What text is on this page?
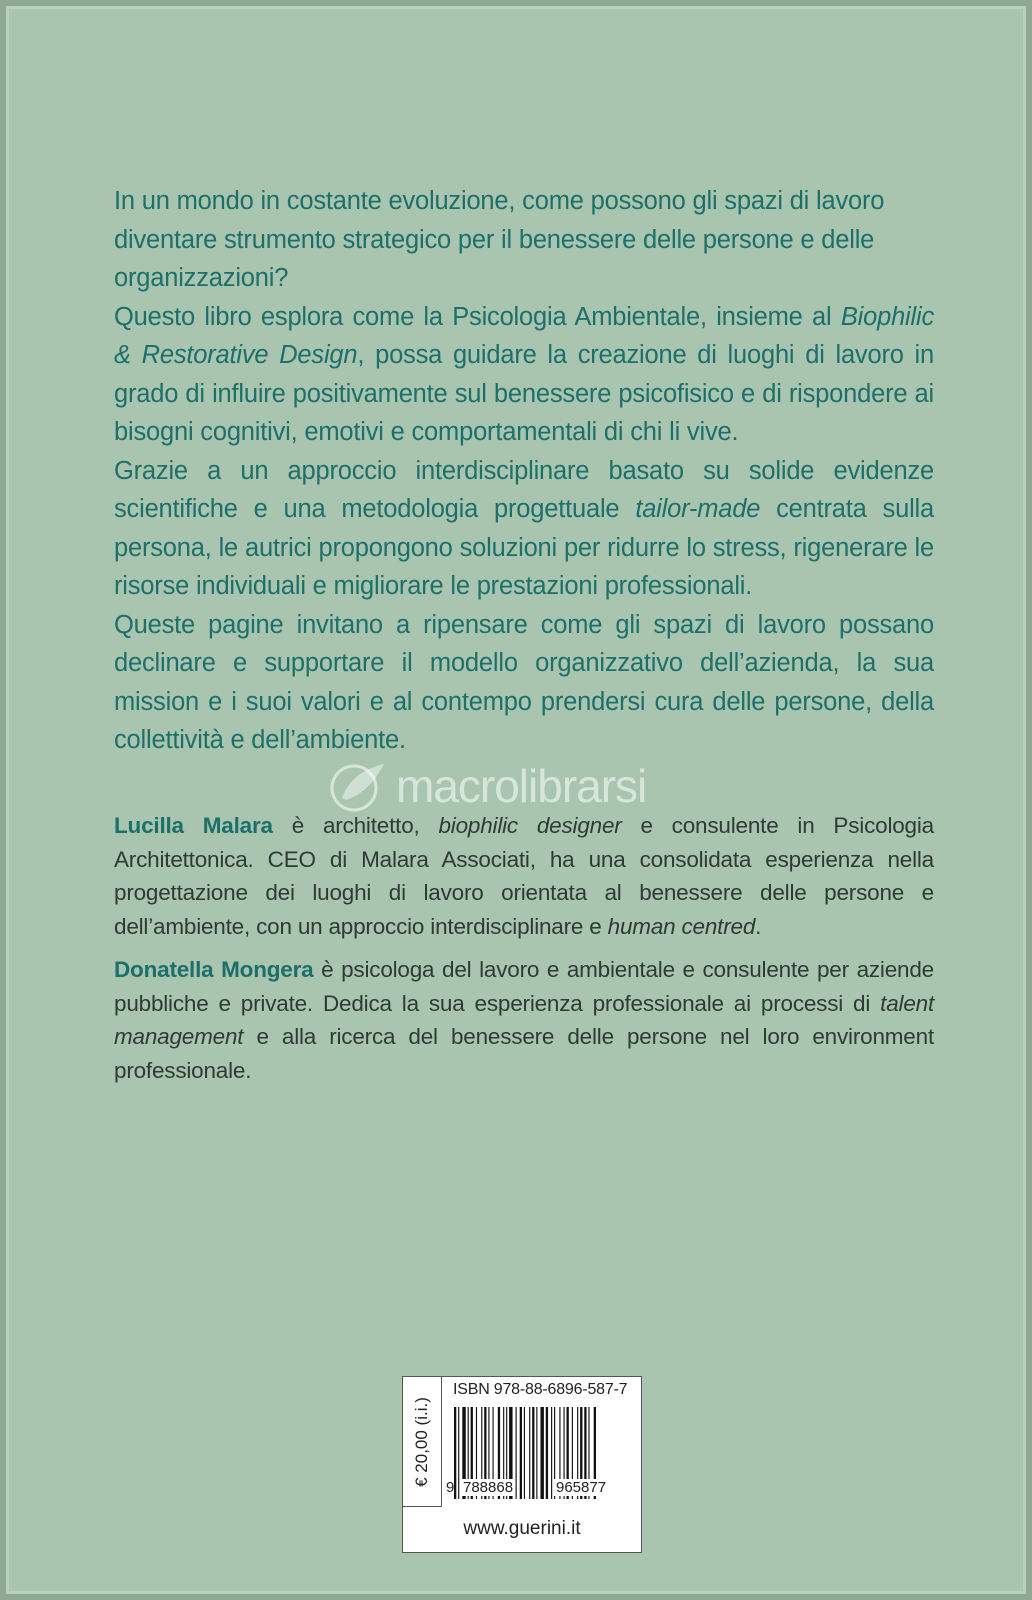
In un mondo in costante evoluzione, come possono gli spazi di lavoro diventare strumento strategico per il benessere delle persone e delle organizzazioni?

Questo libro esplora come la Psicologia Ambientale, insieme al Biophilic & Restorative Design, possa guidare la creazione di luoghi di lavoro in grado di influire positivamente sul benessere psicofisico e di rispondere ai bisogni cognitivi, emotivi e comportamentali di chi li vive.

Grazie a un approccio interdisciplinare basato su solide evidenze scientifiche e una metodologia progettuale tailor-made centrata sulla persona, le autrici propongono soluzioni per ridurre lo stress, rigenerare le risorse individuali e migliorare le prestazioni professionali.

Queste pagine invitano a ripensare come gli spazi di lavoro possano declinare e supportare il modello organizzativo dell’azienda, la sua mission e i suoi valori e al contempo prendersi cura delle persone, della collettività e dell’ambiente.

macrolibrarsi

Lucilla Malara è architetto, biophilic designer e consulente in Psicologia Architettonica. CEO di Malara Associati, ha una consolidata esperienza nella progettazione dei luoghi di lavoro orientata al benessere delle persone e dell’ambiente, con un approccio interdisciplinare e human centred.

Donatella Mongera è psicologa del lavoro e ambientale e consulente per aziende pubbliche e private. Dedica la sua esperienza professionale ai processi di talent management e alla ricerca del benessere delle persone nel loro environment professionale.

€ 20,00 (i.i.)
ISBN 978-88-6896-587-7
9 788868	965877
www.guerini.it
